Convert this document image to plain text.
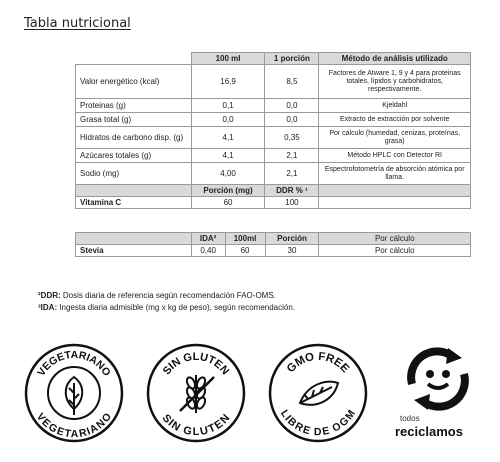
Tabla nutricional
	100 ml	1 porción	Método de análisis utilizado
Valor energético (kcal)	16,9	8,5	Factores de Atware 1, 9 y 4 para proteinas totales, lípidos y carbohidratos, respectivamente.
Proteinas (g)	0,1	0,0	Kjeldahl
Grasa total (g)	0,0	0,0	Extracto de extracción por solvente
Hidratos de carbono disp. (g)	4,1	0,35	Por cálculo (humedad, cenizas, proteínas, grasa)
Azúcares totales (g)	4,1	2,1	Método HPLC con Detector RI
Sodio (mg)	4,00	2,1	Espectrofotometría de absorción atómica por llama.
	Porción (mg)	DDR % ¹	
Vitamina C	60	100	
	IDA²	100ml	Porción	Por cálculo
Stevia	0,40	60	30	Por cálculo
²DDR: Dosis diaria de referencia según recomendación FAO-OMS.
³IDA: Ingesta diaria admisible (mg x kg de peso), según recomendación.
VEGETARIANO
VEGETARIANO
SIN GLUTEN
SIN GLUTEN
GMO FREE
LIBRE DE OGM	todos
reciclamos
